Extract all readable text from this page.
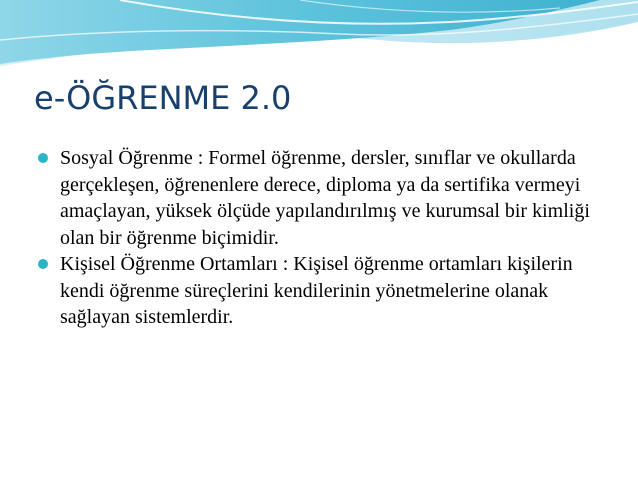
e-ÖĞRENME 2.0
Sosyal Öğrenme : Formel öğrenme, dersler, sınıflar ve okullarda gerçekleşen, öğrenenlere derece, diploma ya da sertifika vermeyi amaçlayan, yüksek ölçüde yapılandırılmış ve kurumsal bir kimliği olan bir öğrenme biçimidir.
Kişisel Öğrenme Ortamları : Kişisel öğrenme ortamları kişilerin kendi öğrenme süreçlerini kendilerinin yönetmelerine olanak sağlayan sistemlerdir.
